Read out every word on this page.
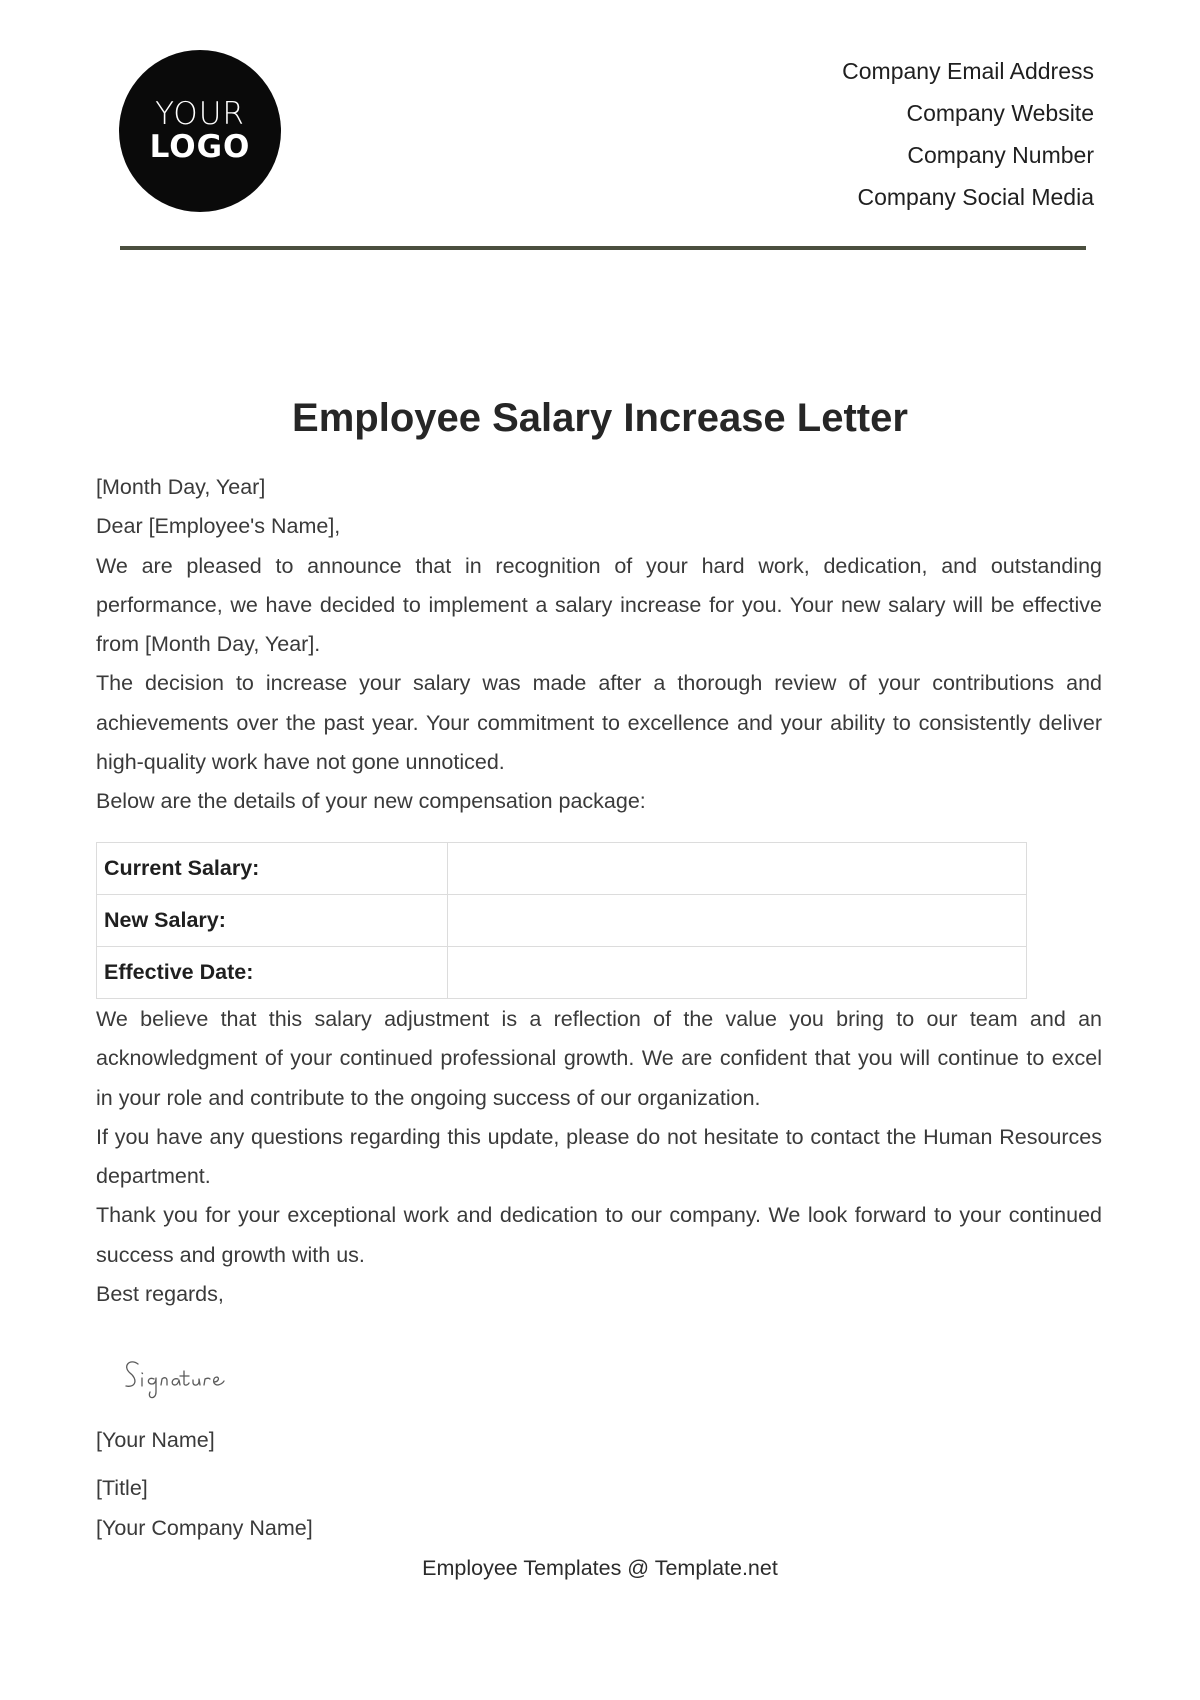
YOUR
LOGO
Company Email Address
Company Website
Company Number
Company Social Media
Employee Salary Increase Letter

[Month Day, Year]

Dear [Employee's Name],

We are pleased to announce that in recognition of your hard work, dedication, and outstanding performance, we have decided to implement a salary increase for you. Your new salary will be effective from [Month Day, Year].

The decision to increase your salary was made after a thorough review of your contributions and achievements over the past year. Your commitment to excellence and your ability to consistently deliver high-quality work have not gone unnoticed.

Below are the details of your new compensation package:

Current Salary:	
New Salary:	
Effective Date:	

We believe that this salary adjustment is a reflection of the value you bring to our team and an acknowledgment of your continued professional growth. We are confident that you will continue to excel in your role and contribute to the ongoing success of our organization.

If you have any questions regarding this update, please do not hesitate to contact the Human Resources department.

Thank you for your exceptional work and dedication to our company. We look forward to your continued success and growth with us.

Best regards,

[Your Name]
[Title]
[Your Company Name]
Employee Templates @ Template.net
